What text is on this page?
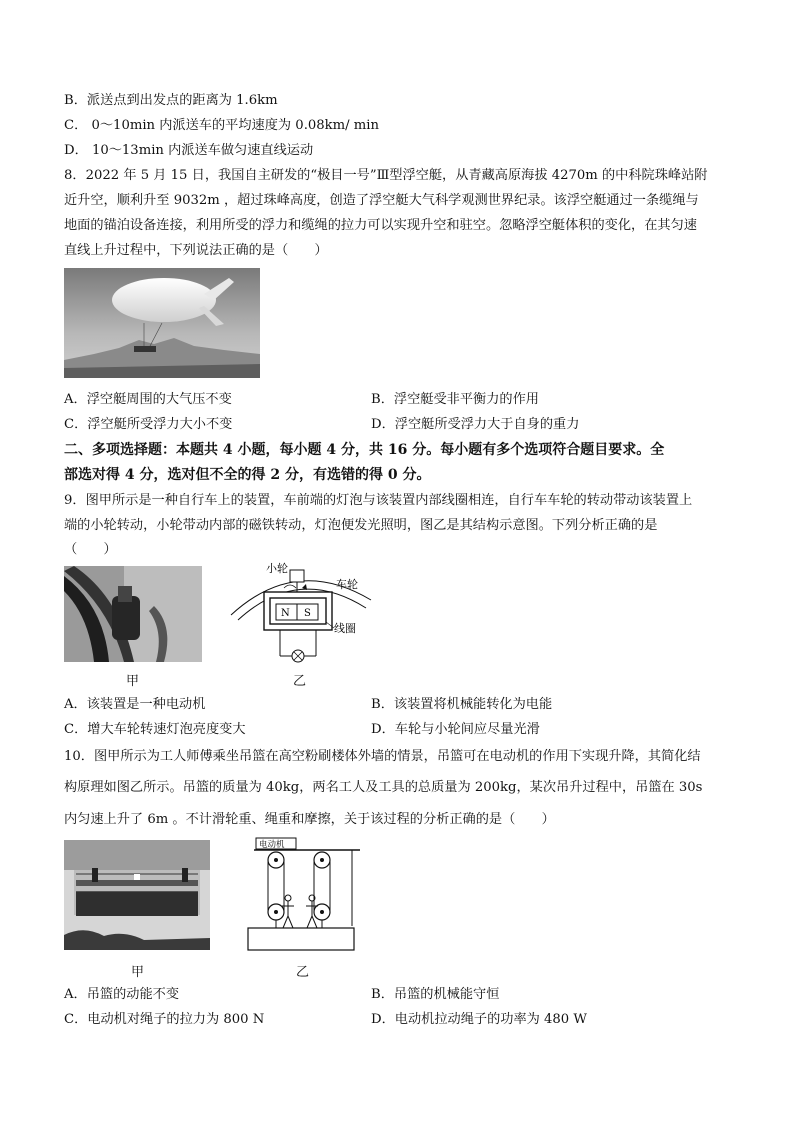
B．派送点到出发点的距离为 1.6km
C． 0～10min 内派送车的平均速度为 0.08km/ min
D． 10～13min 内派送车做匀速直线运动
8．2022 年 5 月 15 日，我国自主研发的“极目一号”Ⅲ型浮空艇，从青藏高原海拔 4270m 的中科院珠峰站附
近升空，顺利升至 9032m ，超过珠峰高度，创造了浮空艇大气科学观测世界纪录。该浮空艇通过一条缆绳与
地面的锚泊设备连接，利用所受的浮力和缆绳的拉力可以实现升空和驻空。忽略浮空艇体积的变化，在其匀速
直线上升过程中，下列说法正确的是（　　）
A．浮空艇周围的大气压不变	B．浮空艇受非平衡力的作用
C．浮空艇所受浮力大小不变	D．浮空艇所受浮力大于自身的重力
二、多项选择题：本题共 4 小题，每小题 4 分，共 16 分。每小题有多个选项符合题目要求。全
部选对得 4 分，选对但不全的得 2 分，有选错的得 0 分。
9．图甲所示是一种自行车上的装置，车前端的灯泡与该装置内部线圈相连，自行车车轮的转动带动该装置上
端的小轮转动，小轮带动内部的磁铁转动，灯泡便发光照明，图乙是其结构示意图。下列分析正确的是
（　　）
甲
N S
小轮
车轮
线圈
乙
A．该装置是一种电动机	B．该装置将机械能转化为电能
C．增大车轮转速灯泡亮度变大	D．车轮与小轮间应尽量光滑
10．图甲所示为工人师傅乘坐吊篮在高空粉刷楼体外墙的情景，吊篮可在电动机的作用下实现升降，其简化结
构原理如图乙所示。吊篮的质量为 40kg，两名工人及工具的总质量为 200kg，某次吊升过程中，吊篮在 30s
内匀速上升了 6m 。不计滑轮重、绳重和摩擦，关于该过程的分析正确的是（　　）
甲
电动机
乙
A．吊篮的动能不变	B．吊篮的机械能守恒
C．电动机对绳子的拉力为 800 N	D．电动机拉动绳子的功率为 480 W
